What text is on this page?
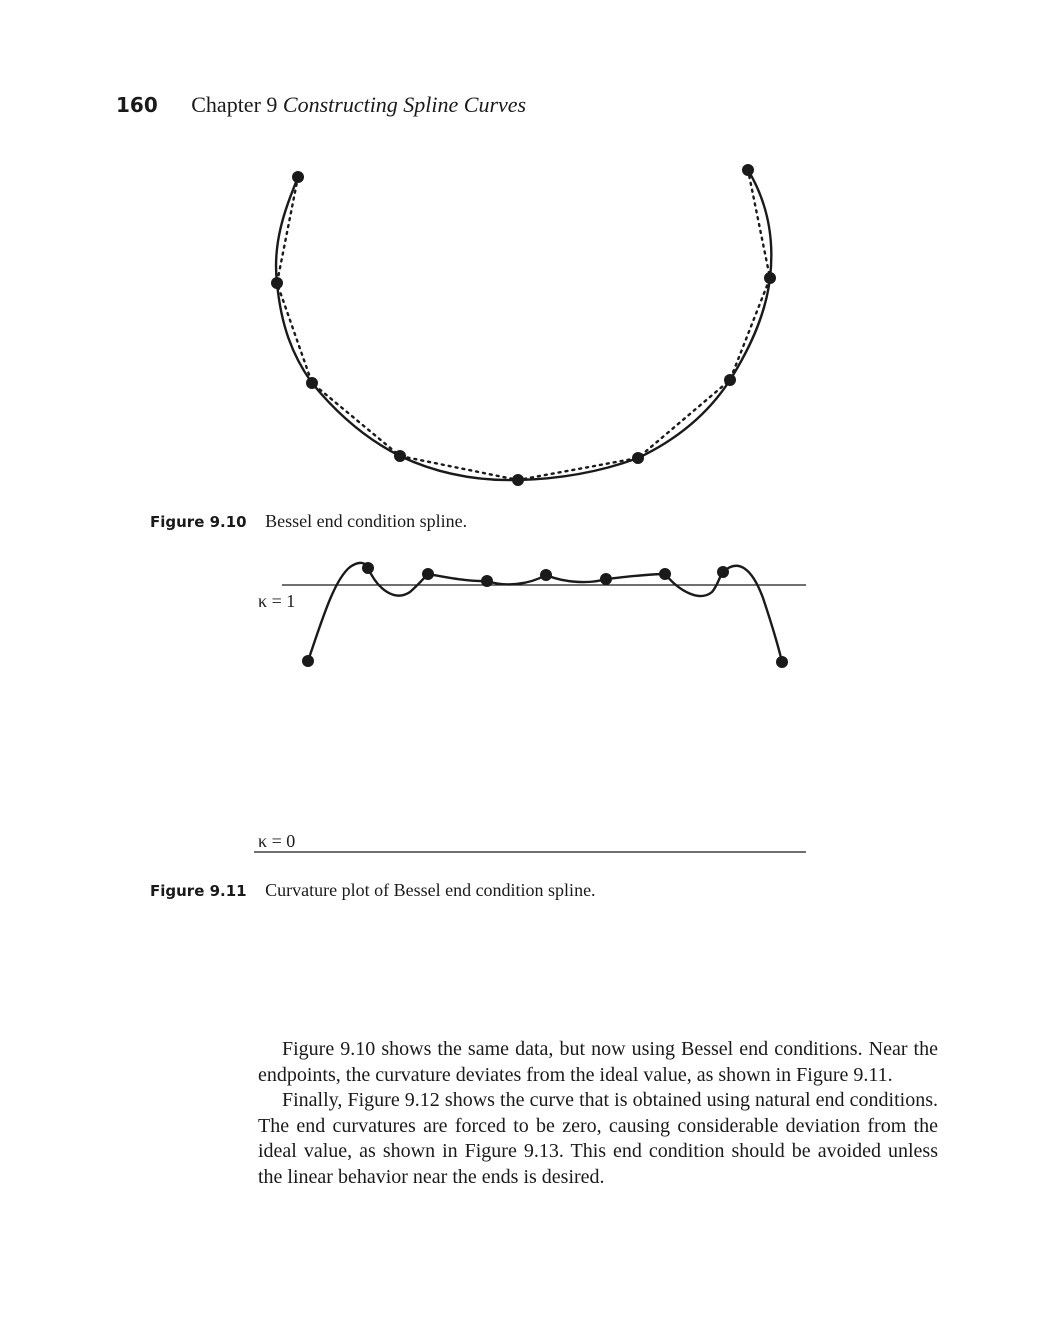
160 Chapter 9 Constructing Spline Curves
Figure 9.10 Bessel end condition spline.
κ = 1
κ = 0
Figure 9.11 Curvature plot of Bessel end condition spline.

Figure 9.10 shows the same data, but now using Bessel end conditions. Near the endpoints, the curvature deviates from the ideal value, as shown in Figure 9.11.

Finally, Figure 9.12 shows the curve that is obtained using natural end conditions. The end curvatures are forced to be zero, causing considerable deviation from the ideal value, as shown in Figure 9.13. This end condition should be avoided unless the linear behavior near the ends is desired.
